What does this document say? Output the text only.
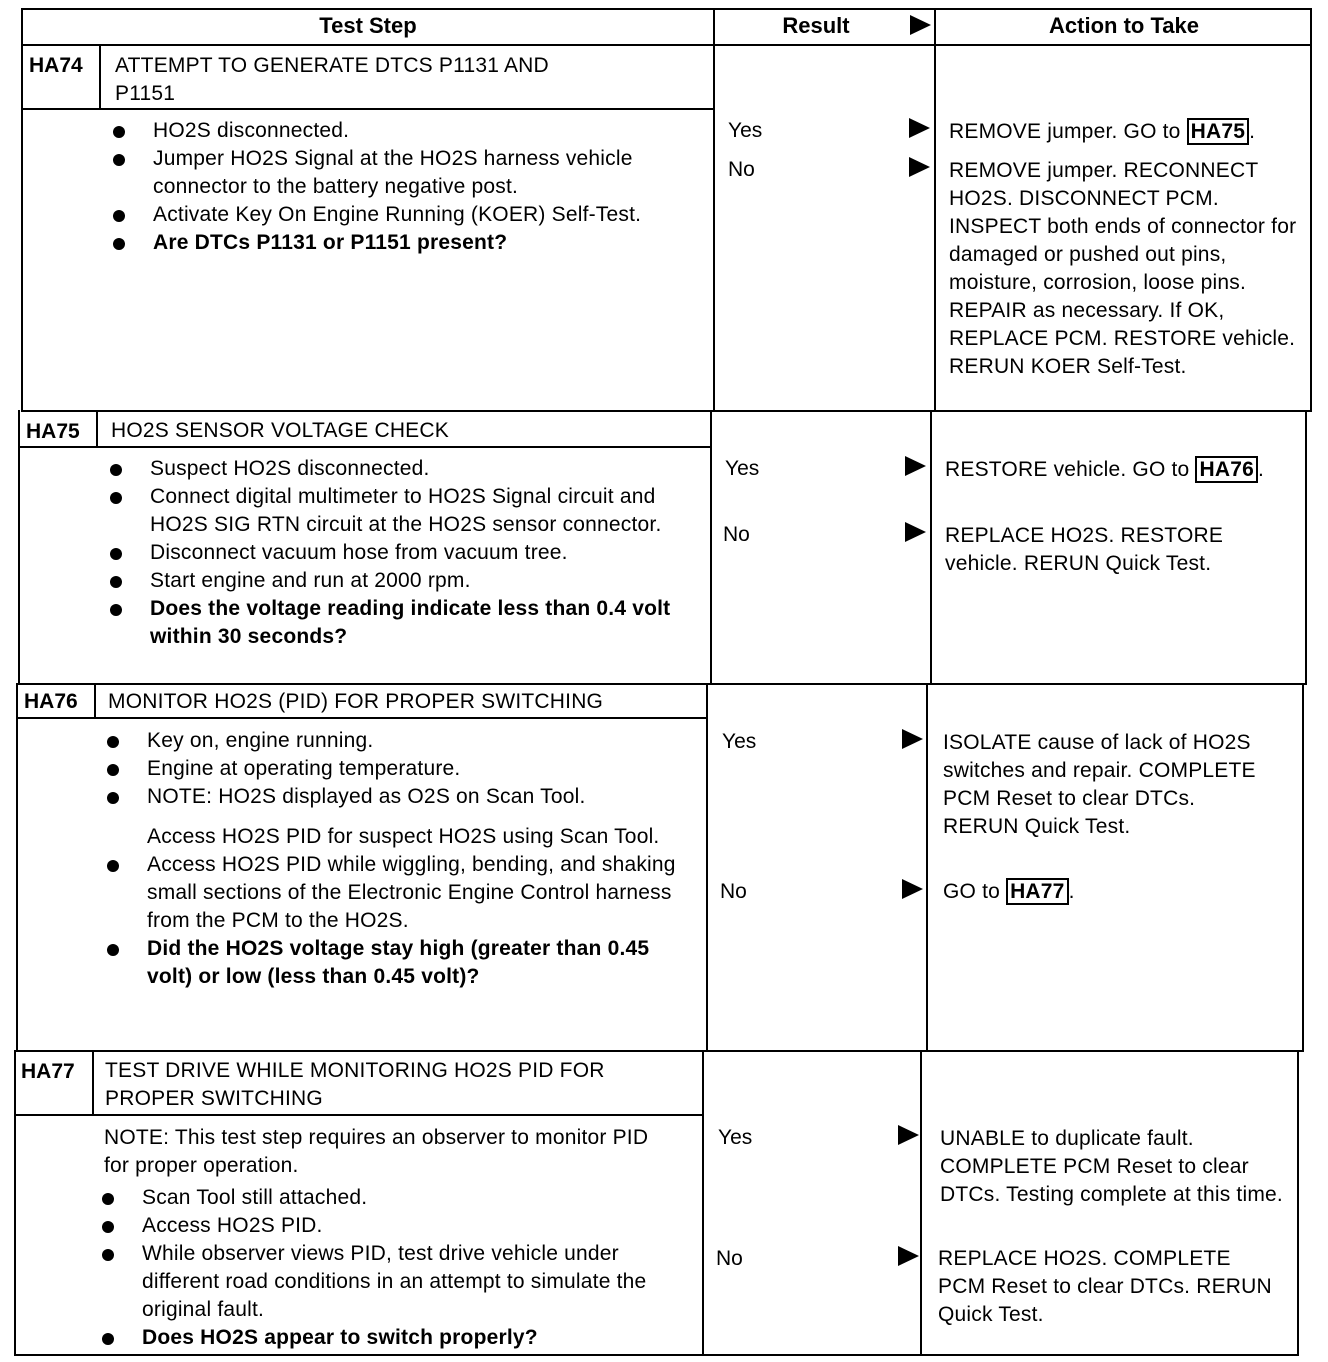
Test Step	Result	Action to Take
HA74 ATTEMPT TO GENERATE DTCS P1131 AND
P1151
HO2S disconnected.
Jumper HO2S Signal at the HO2S harness vehicle connector to the battery negative post.
Activate Key On Engine Running (KOER) Self-Test.
Are DTCs P1131 or P1151 present?
Yes
No
REMOVE jumper. GO to HA75 .
REMOVE jumper. RECONNECT HO2S. DISCONNECT PCM. INSPECT both ends of connector for damaged or pushed out pins, moisture, corrosion, loose pins. REPAIR as necessary. If OK, REPLACE PCM. RESTORE vehicle. RERUN KOER Self-Test.
HA75 HO2S SENSOR VOLTAGE CHECK
Suspect HO2S disconnected.
Connect digital multimeter to HO2S Signal circuit and HO2S SIG RTN circuit at the HO2S sensor connector.
Disconnect vacuum hose from vacuum tree.
Start engine and run at 2000 rpm.
Does the voltage reading indicate less than 0.4 volt within 30 seconds?
Yes
No
RESTORE vehicle. GO to HA76 .
REPLACE HO2S. RESTORE vehicle. RERUN Quick Test.
HA76 MONITOR HO2S (PID) FOR PROPER SWITCHING
Key on, engine running.
Engine at operating temperature.
NOTE: HO2S displayed as O2S on Scan Tool.
Access HO2S PID for suspect HO2S using Scan Tool.
Access HO2S PID while wiggling, bending, and shaking small sections of the Electronic Engine Control harness from the PCM to the HO2S.
Did the HO2S voltage stay high (greater than 0.45 volt) or low (less than 0.45 volt)?
Yes
No
ISOLATE cause of lack of HO2S switches and repair. COMPLETE PCM Reset to clear DTCs. RERUN Quick Test.
GO to HA77 .
HA77 TEST DRIVE WHILE MONITORING HO2S PID FOR
PROPER SWITCHING

NOTE: This test step requires an observer to monitor PID for proper operation.

Scan Tool still attached.
Access HO2S PID.
While observer views PID, test drive vehicle under different road conditions in an attempt to simulate the original fault.
Does HO2S appear to switch properly?
Yes
No
UNABLE to duplicate fault. COMPLETE PCM Reset to clear DTCs. Testing complete at this time.
REPLACE HO2S. COMPLETE PCM Reset to clear DTCs. RERUN Quick Test.
